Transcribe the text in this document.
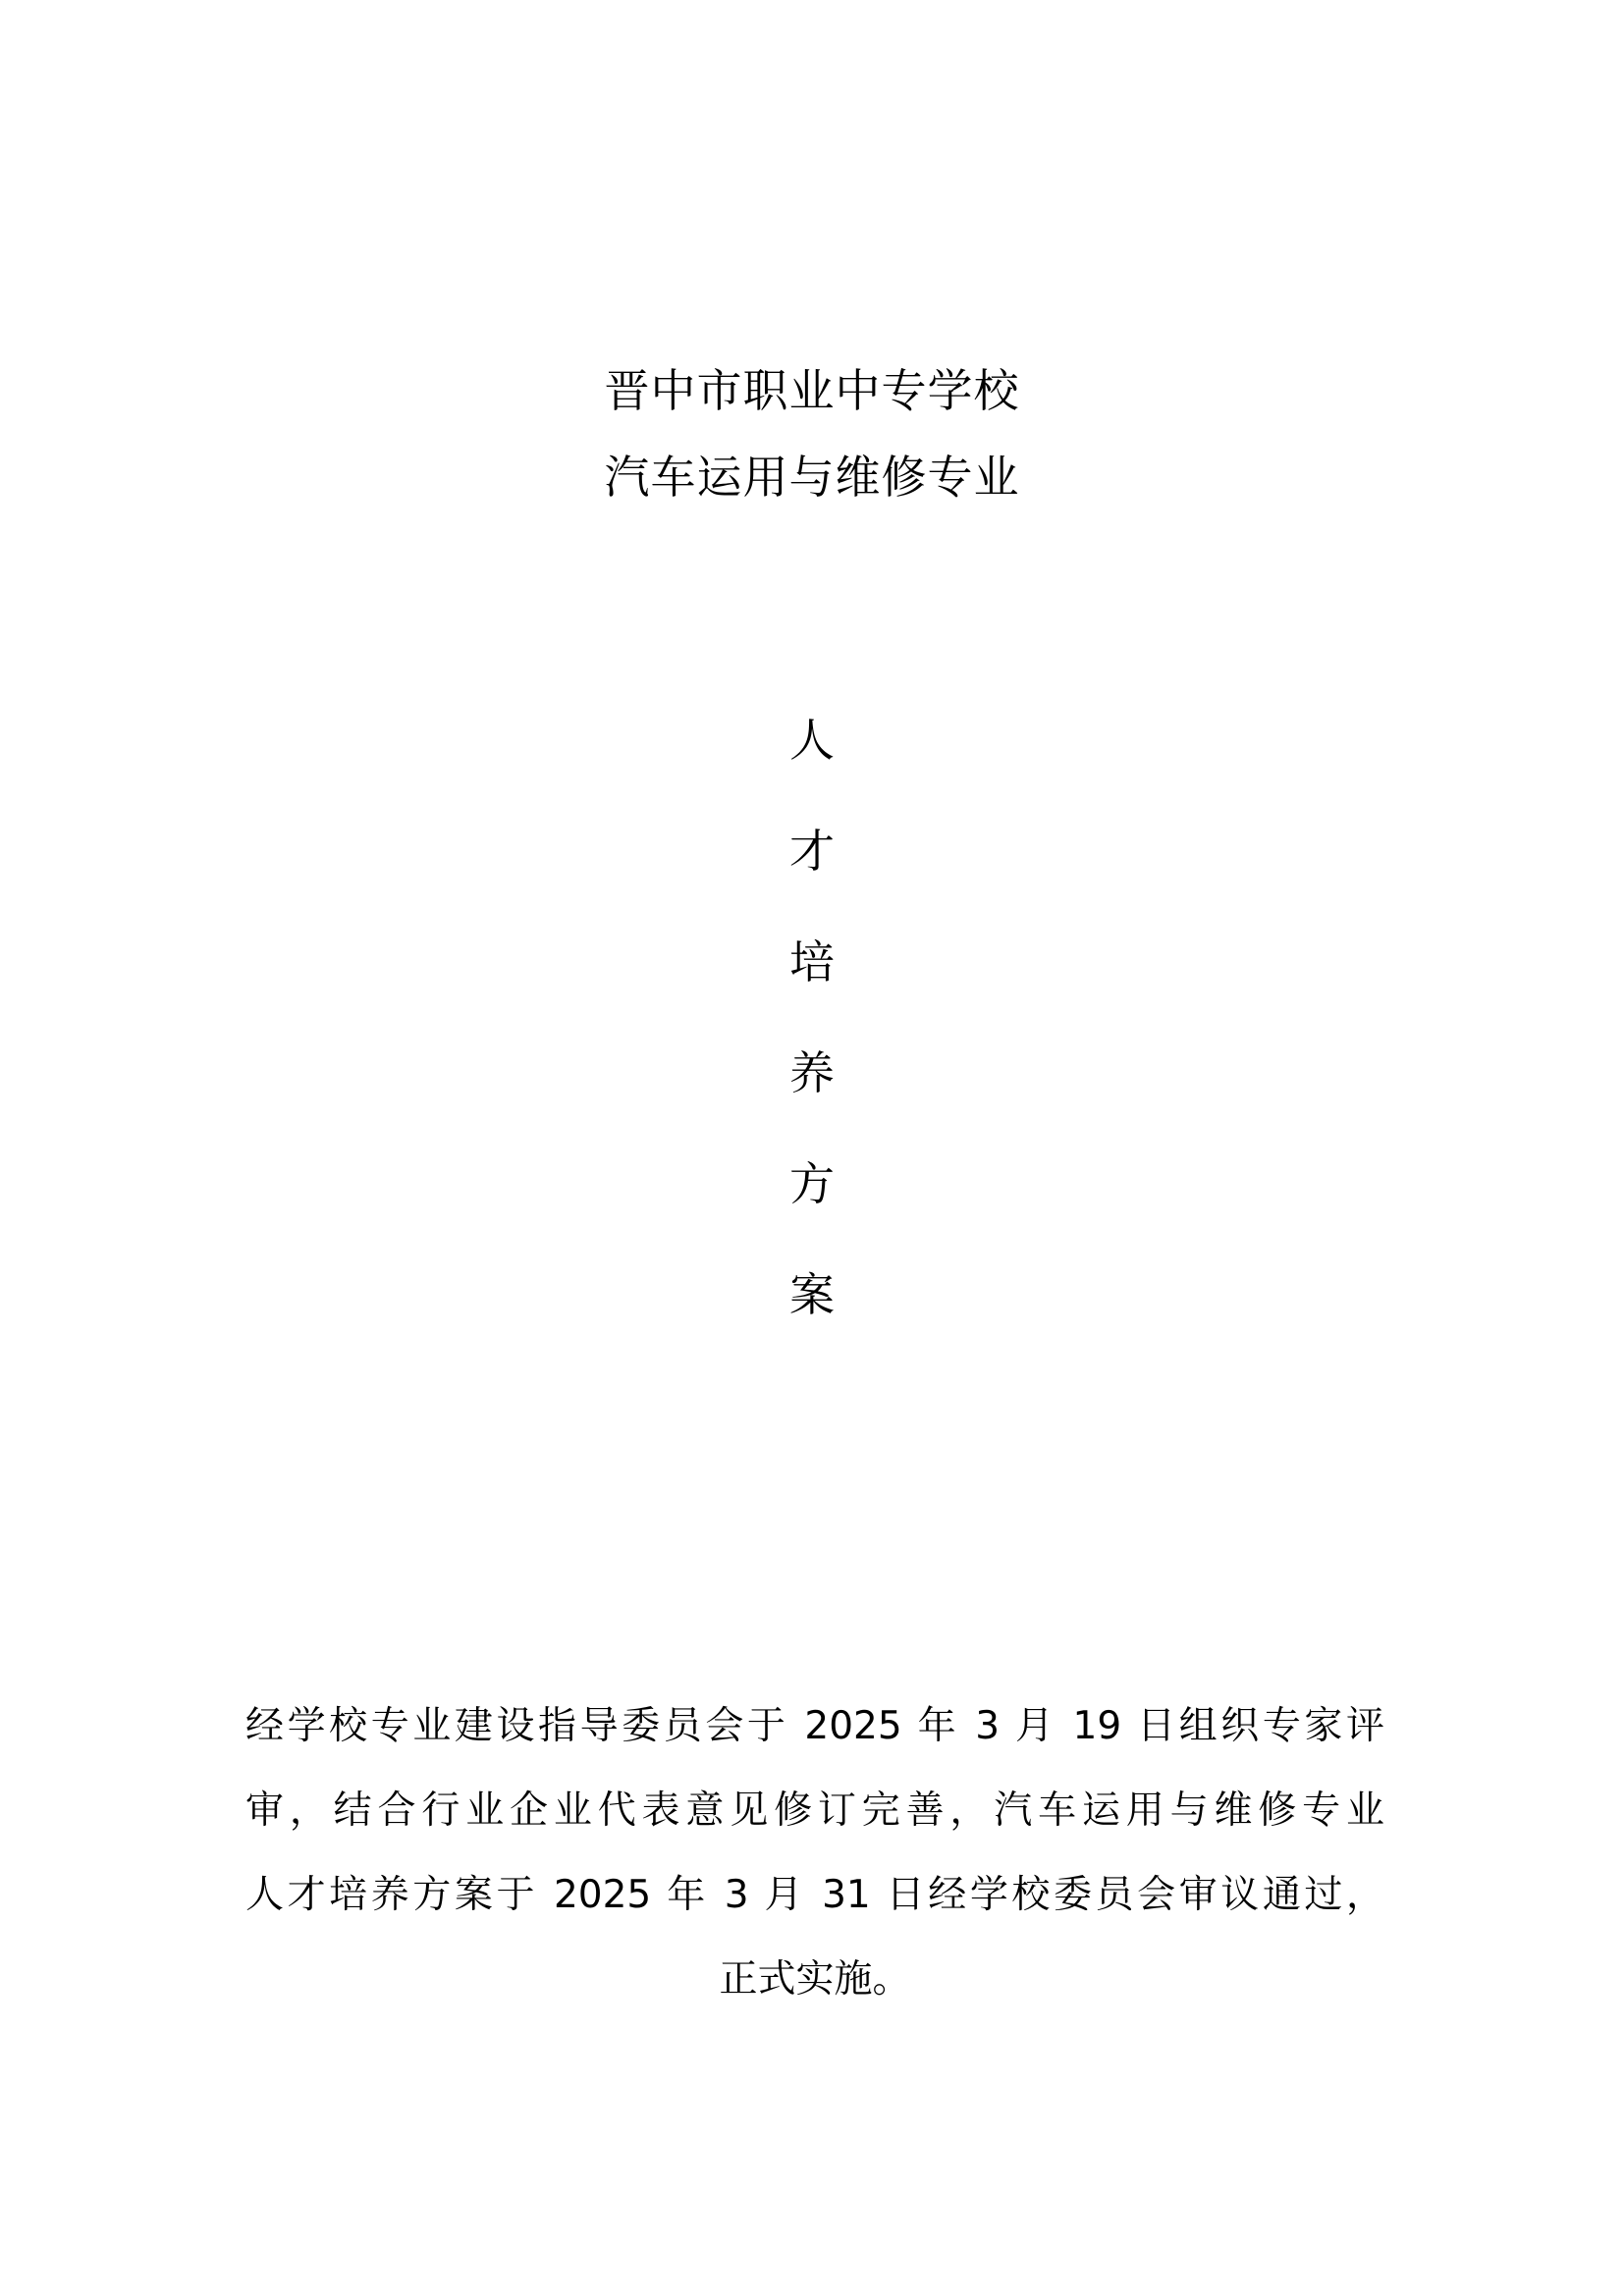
晋中市职业中专学校
汽车运用与维修专业
人
才
培
养
方
案
经学校专业建设指导委员会于 2025 年 3 月 19 日组织专家评
审，结合行业企业代表意见修订完善，汽车运用与维修专业
人才培养方案于 2025 年 3 月 31 日经学校委员会审议通过，
正式实施。
